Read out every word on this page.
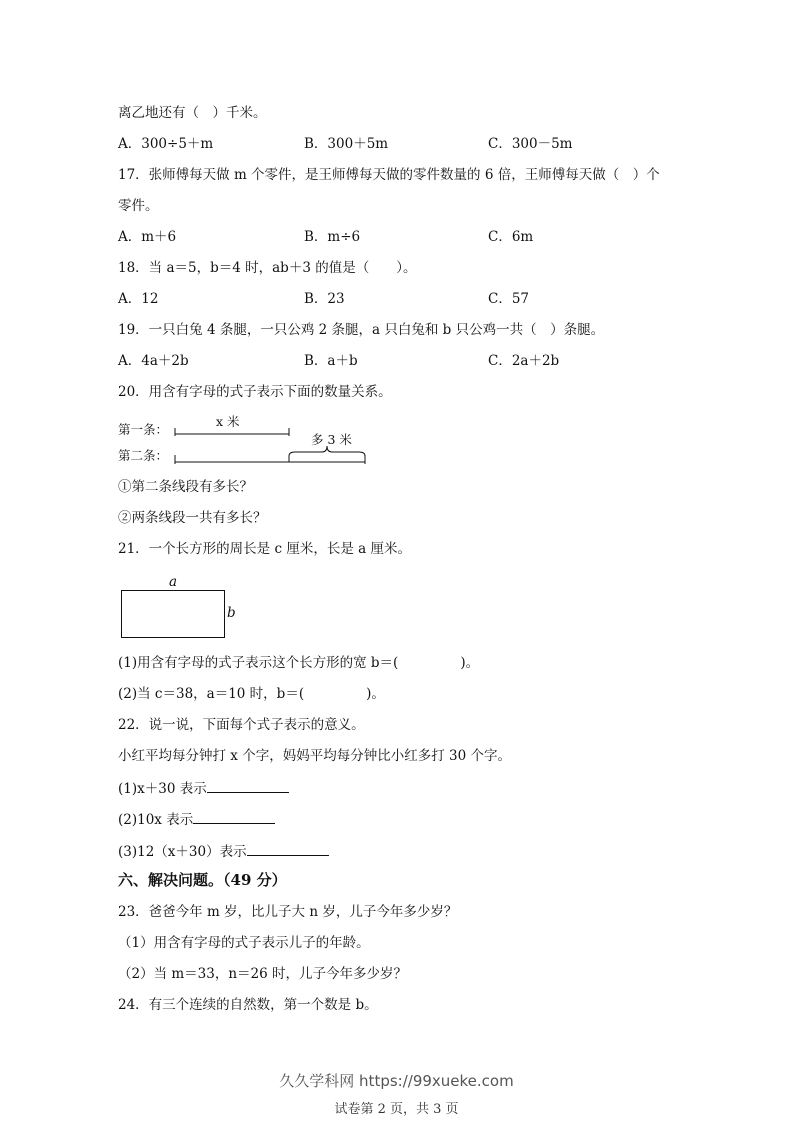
离乙地还有（　）千米。
A．300÷5＋m	B．300＋5m	C．300－5m
17．张师傅每天做 m 个零件，是王师傅每天做的零件数量的 6 倍，王师傅每天做（　）个
零件。
A．m＋6	B．m÷6	C．6m
18．当 a＝5，b＝4 时，ab＋3 的值是（　　）。
A．12	B．23	C．57
19．一只白兔 4 条腿，一只公鸡 2 条腿，a 只白兔和 b 只公鸡一共（　）条腿。
A．4a＋2b	B．a＋b	C．2a＋2b
20．用含有字母的式子表示下面的数量关系。
第一条：
第二条：
x 米
多 3 米
①第二条线段有多长？
②两条线段一共有多长？
21．一个长方形的周长是 c 厘米，长是 a 厘米。
a
b
(1)用含有字母的式子表示这个长方形的宽 b＝(	)。
(2)当 c＝38，a＝10 时，b＝(	)。
22．说一说，下面每个式子表示的意义。
小红平均每分钟打 x 个字，妈妈平均每分钟比小红多打 30 个字。
(1)x＋30 表示
(2)10x 表示
(3)12（x＋30）表示
六、解决问题。（49 分）
23．爸爸今年 m 岁，比儿子大 n 岁，儿子今年多少岁？
（1）用含有字母的式子表示儿子的年龄。
（2）当 m＝33，n＝26 时，儿子今年多少岁？
24．有三个连续的自然数，第一个数是 b。
久久学科网 https://99xueke.com
试卷第 2 页，共 3 页
